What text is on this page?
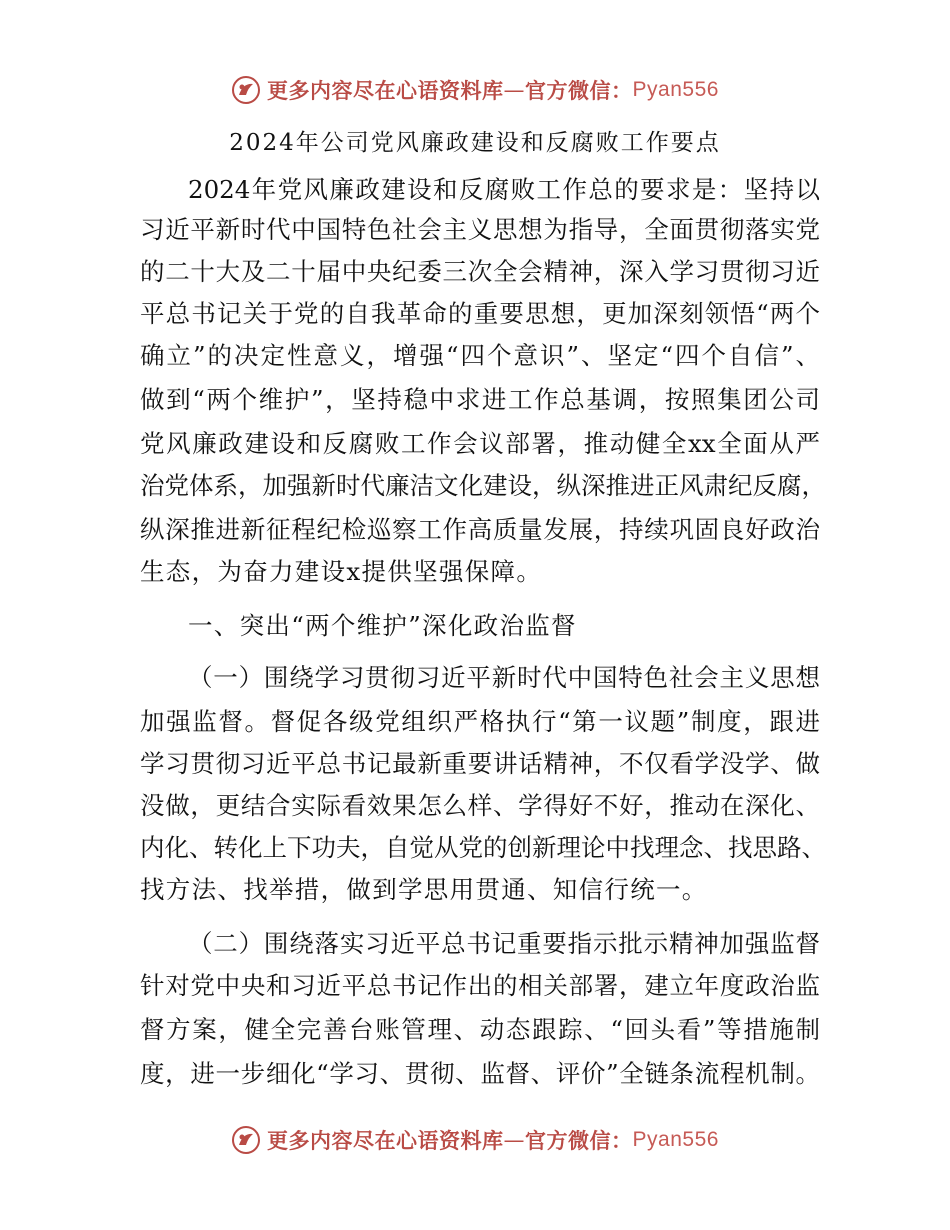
更多内容尽在心语资料库 — 官方微信： Pyan556
2024年公司党风廉政建设和反腐败工作要点
2024年党风廉政建设和反腐败工作总的要求是：坚持以
习近平新时代中国特色社会主义思想为指导，全面贯彻落实党
的二十大及二十届中央纪委三次全会精神，深入学习贯彻习近
平总书记关于党的自我革命的重要思想，更加深刻领悟“两个
确立”的决定性意义，增强“四个意识”、坚定“四个自信”、
做到“两个维护”，坚持稳中求进工作总基调，按照集团公司
党风廉政建设和反腐败工作会议部署，推动健全xx全面从严
治党体系，加强新时代廉洁文化建设，纵深推进正风肃纪反腐，
纵深推进新征程纪检巡察工作高质量发展，持续巩固良好政治
生态，为奋力建设x提供坚强保障。
一、突出“两个维护”深化政治监督
（一）围绕学习贯彻习近平新时代中国特色社会主义思想
加强监督。督促各级党组织严格执行“第一议题”制度，跟进
学习贯彻习近平总书记最新重要讲话精神，不仅看学没学、做
没做，更结合实际看效果怎么样、学得好不好，推动在深化、
内化、转化上下功夫，自觉从党的创新理论中找理念、找思路、
找方法、找举措，做到学思用贯通、知信行统一。
（二）围绕落实习近平总书记重要指示批示精神加强监督
针对党中央和习近平总书记作出的相关部署，建立年度政治监
督方案，健全完善台账管理、动态跟踪、“回头看”等措施制
度，进一步细化“学习、贯彻、监督、评价”全链条流程机制。
更多内容尽在心语资料库 — 官方微信： Pyan556
